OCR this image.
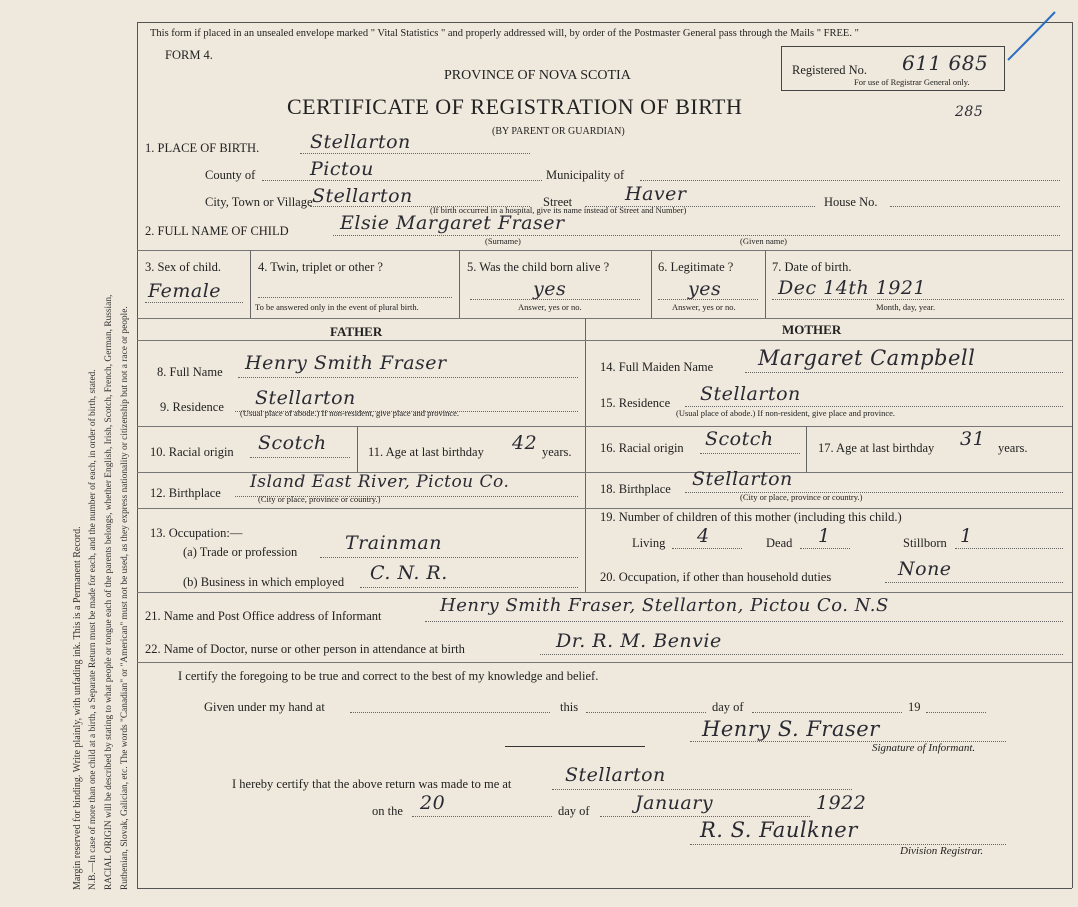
Margin reserved for binding. Write plainly, with unfading ink. This is a Permanent Record. N.B.—In case of more than one child at a birth, a Separate Return must be made for each, and the number of each, in order of birth, stated. RACIAL ORIGIN will be described by stating to what people or tongue each of the parents belongs, whether English, Irish, Scotch, French, German, Russian, Ruthenian, Slovak, Galician, etc. The words "Canadian" or "American" must not be used, as they express nationality or citizenship but not a race or people.
This form if placed in an unsealed envelope marked " Vital Statistics " and properly addressed will, by order of the Postmaster General pass through the Mails " FREE. "
FORM 4.
PROVINCE OF NOVA SCOTIA
CERTIFICATE OF REGISTRATION OF BIRTH
(BY PARENT OR GUARDIAN)
Registered No. 611 685
For use of Registrar General only.
285
1. PLACE OF BIRTH.	Stellarton
County of	Pictou	Municipality of
City, Town or Village Stellarton	Street	Haver	House No.
(If birth occurred in a hospital, give its name instead of Street and Number)
2. FULL NAME OF CHILD	Elsie Margaret Fraser
(Surname)	(Given name)
3. Sex of child.
Female
4. Twin, triplet or other ?
To be answered only in the event of plural birth.
5. Was the child born alive ?
yes
Answer, yes or no.
6. Legitimate ?
yes
Answer, yes or no.
7. Date of birth.
Dec 14th 1921
Month, day, year.
FATHER	MOTHER
8. Full Name Henry Smith Fraser
9. Residence Stellarton
(Usual place of abode.) If non-resident, give place and province.
10. Racial origin Scotch	11. Age at last birthday 42 years.
12. Birthplace
Island East River, Pictou Co.
(City or place, province or country.)
13. Occupation:—
(a) Trade or profession	Trainman
(b) Business in which employed C. N. R.
14. Full Maiden Name Margaret Campbell
15. Residence Stellarton
(Usual place of abode.) If non-resident, give place and province.
16. Racial origin Scotch	17. Age at last birthday 31 years.
18. Birthplace Stellarton
(City or place, province or country.)
19. Number of children of this mother (including this child.)
Living 4	Dead 1	Stillborn 1
20. Occupation, if other than household duties	None
21. Name and Post Office address of Informant	Henry Smith Fraser, Stellarton, Pictou Co. N.S
22. Name of Doctor, nurse or other person in attendance at birth	Dr. R. M. Benvie
I certify the foregoing to be true and correct to the best of my knowledge and belief.
Given under my hand at	this	day of	19
Henry S. Fraser
Signature of Informant.
I hereby certify that the above return was made to me at	Stellarton
on the 20	day of January	1922
R. S. Faulkner
Division Registrar.
